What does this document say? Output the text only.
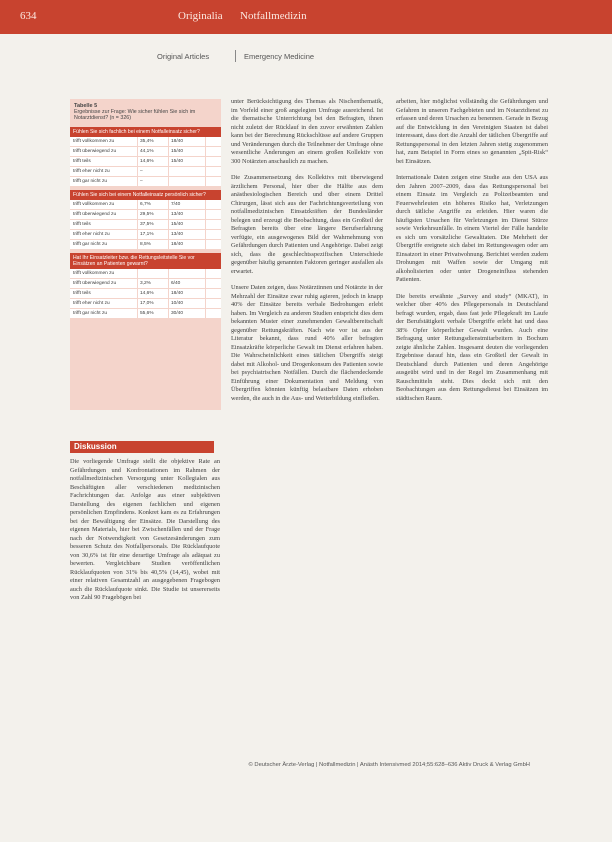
634	Originalia Notfallmedizin
Original Articles	Emergency Medicine
Tabelle 5
Ergebnisse zur Frage: Wie sicher fühlen Sie sich im Notarztdienst? (n = 326)
Fühlen Sie sich fachlich bei einem Notfalleinsatz sicher?
trifft vollkommen zu	35,4%	18/40
trifft überwiegend zu	44,1%	15/40
trifft teils	14,6%	15/40
trifft eher nicht zu	–
trifft gar nicht zu	–
Fühlen Sie sich bei einem Notfalleinsatz persönlich sicher?
trifft vollkommen zu	6,7%	7/40
trifft überwiegend zu	29,5%	13/40
trifft teils	37,5%	15/40
trifft eher nicht zu	17,1%	13/40
trifft gar nicht zu	8,5%	18/40
Hat Ihr Einsatzleiter bzw. die Rettungsleitstelle Sie vor Einsätzen an Patienten gewarnt?
trifft vollkommen zu
trifft überwiegend zu	3,2%	6/40
trifft teils	14,6%	18/40
trifft eher nicht zu	17,0%	10/40
trifft gar nicht zu	55,6%	30/40
Diskussion

Die vorliegende Umfrage stellt die objektive Rate an Gefährdungen und Konfrontationen im Rahmen der notfallmedizinischen Versorgung unter Kollegialen aus Beschäftigten aller verschiedenen medizinischen Fachrichtungen dar. Anfolge aus einer subjektiven Darstellung des eigenen fachlichen und eigenen persönlichen Empfindens. Konkret kam es zu Erfahrungen bei der Bewältigung der Einsätze. Die Darstellung des eigenen Materials, hier bei Zwischenfällen und der Frage nach der Notwendigkeit von Gesetzesänderungen zum besseren Schutz des Notfallpersonals. Die Rücklaufquote von 30,6% ist für eine derartige Umfrage als adäquat zu bewerten. Vergleichbare Studien veröffentlichen Rücklaufquoten von 31% bis 40,5% (14,45), wobei mit einer relativen Gesamtzahl an ausgegebenen Fragebogen auch die Rücklaufquote sinkt. Die Studie ist unsererseits von Zahl 90 Fragebögen bei

unter Berücksichtigung des Themas als Nischenthematik, im Vorfeld einer groß angelegten Umfrage ausreichend. Ist die thematische Unterrichtung bei den Befragten, ihnen nicht zuletzt der Rücklauf in den zuvor erwähnten Zahlen kann bei der Berechnung Rückschlüsse auf andere Gruppen und Veränderungen durch die Teilnehmer der Umfrage ohne wesentliche Änderungen an einem großen Kollektiv von 300 Notärzten anschaulich zu machen.

Die Zusammensetzung des Kollektivs mit überwiegend ärztlichem Personal, hier über die Hälfte aus dem anästhesiologischen Bereich und über einem Drittel Chirurgen, lässt sich aus der Fachrichtungsverteilung von notfallmedizinischen Einsatzkräften der Bundesländer belegen und erzeugt die Beobachtung, dass ein Großteil der Befragten bereits über eine längere Berufserfahrung verfügte, ein ausgewogenes Bild der Wahrnehmung von Gefährdungen durch Patienten und Angehörige. Dabei zeigt sich, dass die geschlechtsspezifischen Unterschiede gegenüber häufig genannten Faktoren geringer ausfallen als erwartet.

Unsere Daten zeigen, dass Notärztinnen und Notärzte in der Mehrzahl der Einsätze zwar ruhig agieren, jedoch in knapp 40% der Einsätze bereits verbale Bedrohungen erlebt haben. Im Vergleich zu anderen Studien entspricht dies dem bekannten Muster einer zunehmenden Gewaltbereitschaft gegenüber Rettungskräften. Nach wie vor ist aus der Literatur bekannt, dass rund 40% aller befragten Einsatzkräfte körperliche Gewalt im Dienst erfahren haben. Die Wahrscheinlichkeit eines tätlichen Übergriffs steigt dabei mit Alkohol- und Drogenkonsum des Patienten sowie bei psychiatrischen Notfällen. Durch die flächendeckende Einführung einer Dokumentation und Meldung von Übergriffen könnten künftig belastbare Daten erhoben werden, die auch in die Aus- und Weiterbildung einfließen.

arbeiten, hier möglichst vollständig die Gefährdungen und Gefahren in unseren Fachgebieten und im Notarztdienst zu erfassen und deren Ursachen zu benennen. Gerade in Bezug auf die Entwicklung in den Vereinigten Staaten ist dabei interessant, dass dort die Anzahl der tätlichen Übergriffe auf Rettungspersonal in den letzten Jahren stetig zugenommen hat, zum Beispiel in Form eines so genannten „Spit-Risk“ bei Einsätzen.

Internationale Daten zeigen eine Studie aus den USA aus den Jahren 2007–2009, dass das Rettungspersonal bei einem Einsatz im Vergleich zu Polizeibeamten und Feuerwehrleuten ein höheres Risiko hat, Verletzungen durch tätliche Angriffe zu erleiden. Hier waren die häufigsten Ursachen für Verletzungen im Dienst Stürze sowie Verkehrsunfälle. In einem Viertel der Fälle handelte es sich um vorsätzliche Gewalttaten. Die Mehrheit der Übergriffe ereignete sich dabei im Rettungswagen oder am Einsatzort in einer Privatwohnung. Berichtet werden zudem Drohungen mit Waffen sowie der Umgang mit alkoholisierten oder unter Drogeneinfluss stehenden Patienten.

Die bereits erwähnte „Survey and study“ (MKAT), in welcher über 40% des Pflegepersonals in Deutschland befragt wurden, ergab, dass fast jede Pflegekraft im Laufe der Berufstätigkeit verbale Übergriffe erlebt hat und dass 38% Opfer körperlicher Gewalt wurden. Auch eine Befragung unter Rettungsdienstmitarbeitern in Bochum zeigte ähnliche Zahlen. Insgesamt deuten die vorliegenden Ergebnisse darauf hin, dass ein Großteil der Gewalt in Deutschland durch Patienten und deren Angehörige ausgeübt wird und in der Regel im Zusammenhang mit Rauschmitteln steht. Dies deckt sich mit den Beobachtungen aus dem Rettungsdienst bei Einsätzen im städtischen Raum.

© Deutscher Ärzte-Verlag | Notfallmedizin | Anästh Intensivmed 2014;55:628–636 Aktiv Druck & Verlag GmbH
